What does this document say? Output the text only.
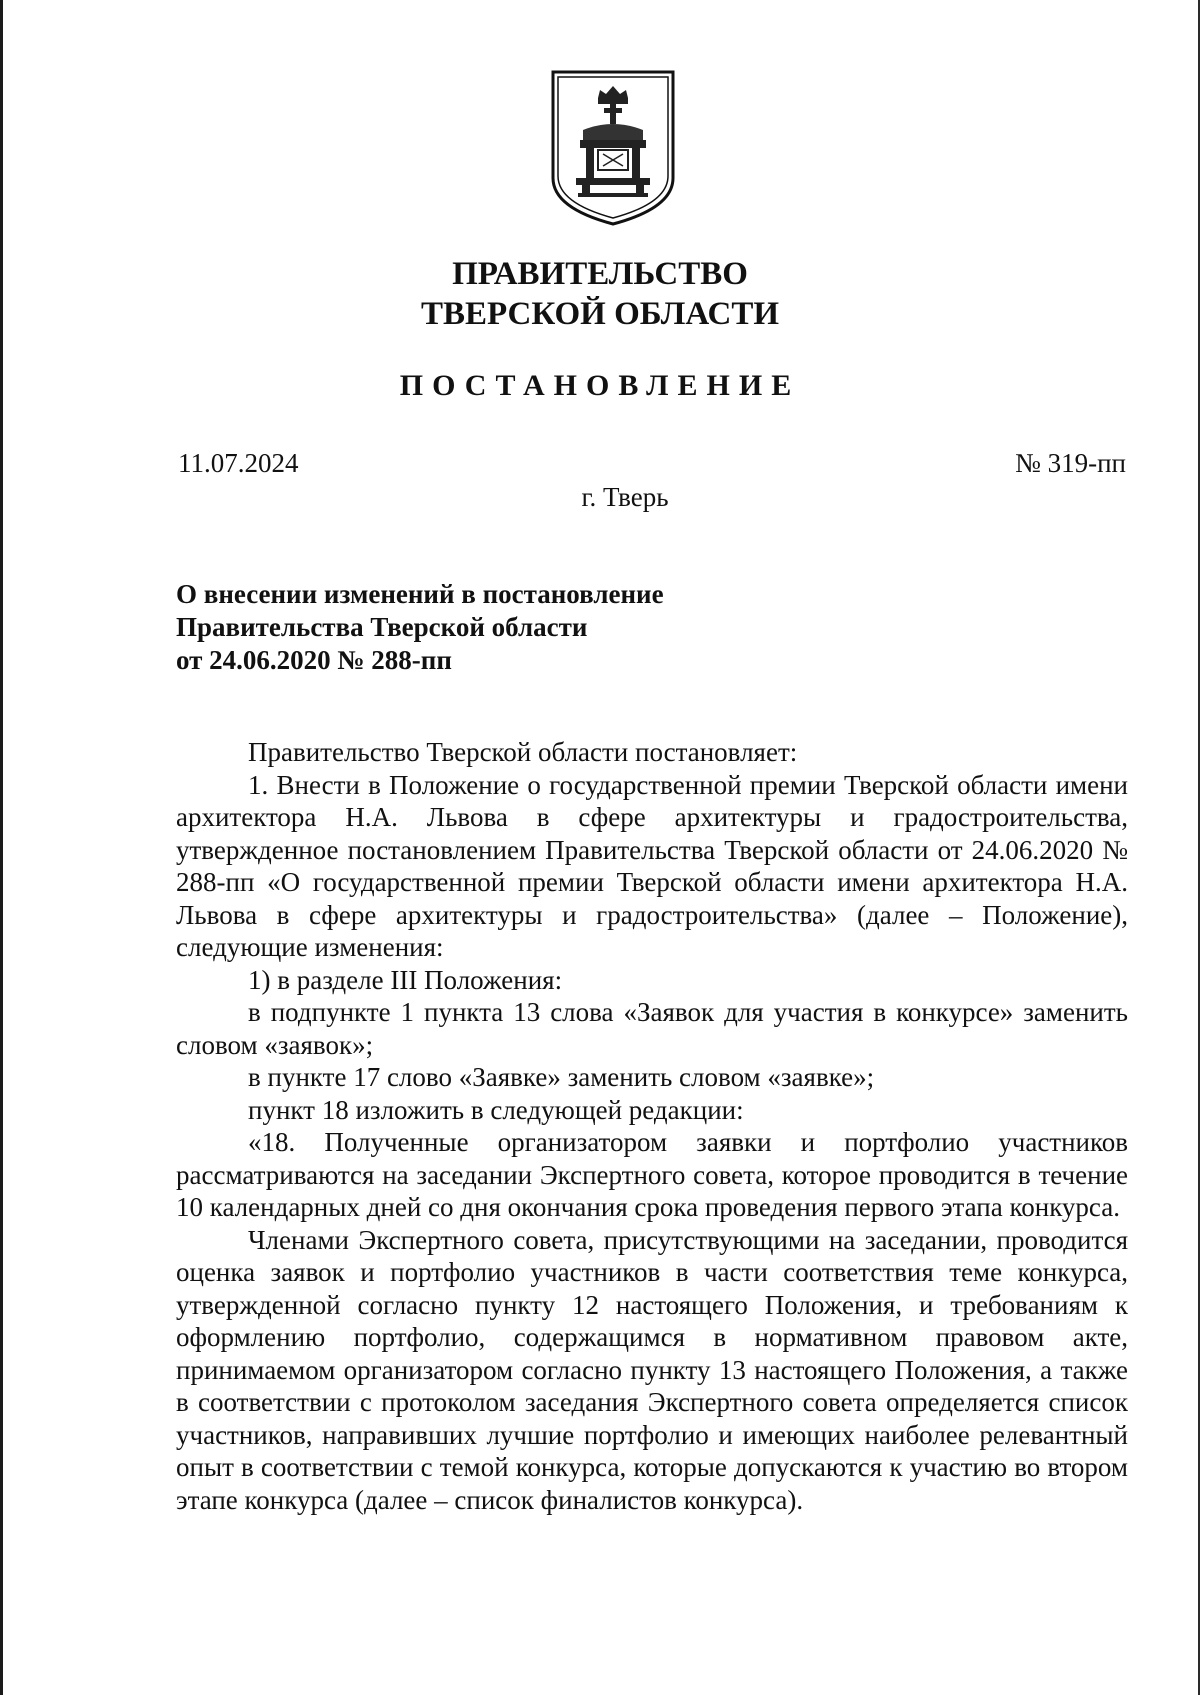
ПРАВИТЕЛЬСТВО
ТВЕРСКОЙ ОБЛАСТИ
ПОСТАНОВЛЕНИЕ
11.07.2024	№ 319-пп
г. Тверь
О внесении изменений в постановление
Правительства Тверской области
от 24.06.2020 № 288-пп

Правительство Тверской области постановляет:

1. Внести в Положение о государственной премии Тверской области имени архитектора Н.А. Львова в сфере архитектуры и градостроительства, утвержденное постановлением Правительства Тверской области от 24.06.2020 № 288-пп «О государственной премии Тверской области имени архитектора Н.А. Львова в сфере архитектуры и градостроительства» (далее – Положение), следующие изменения:

1) в разделе III Положения:

в подпункте 1 пункта 13 слова «Заявок для участия в конкурсе» заменить словом «заявок»;

в пункте 17 слово «Заявке» заменить словом «заявке»;

пункт 18 изложить в следующей редакции:

«18. Полученные организатором заявки и портфолио участников рассматриваются на заседании Экспертного совета, которое проводится в течение 10 календарных дней со дня окончания срока проведения первого этапа конкурса.

Членами Экспертного совета, присутствующими на заседании, проводится оценка заявок и портфолио участников в части соответствия теме конкурса, утвержденной согласно пункту 12 настоящего Положения, и требованиям к оформлению портфолио, содержащимся в нормативном правовом акте, принимаемом организатором согласно пункту 13 настоящего Положения, а также в соответствии с протоколом заседания Экспертного совета определяется список участников, направивших лучшие портфолио и имеющих наиболее релевантный опыт в соответствии с темой конкурса, которые допускаются к участию во втором этапе конкурса (далее – список финалистов конкурса).
